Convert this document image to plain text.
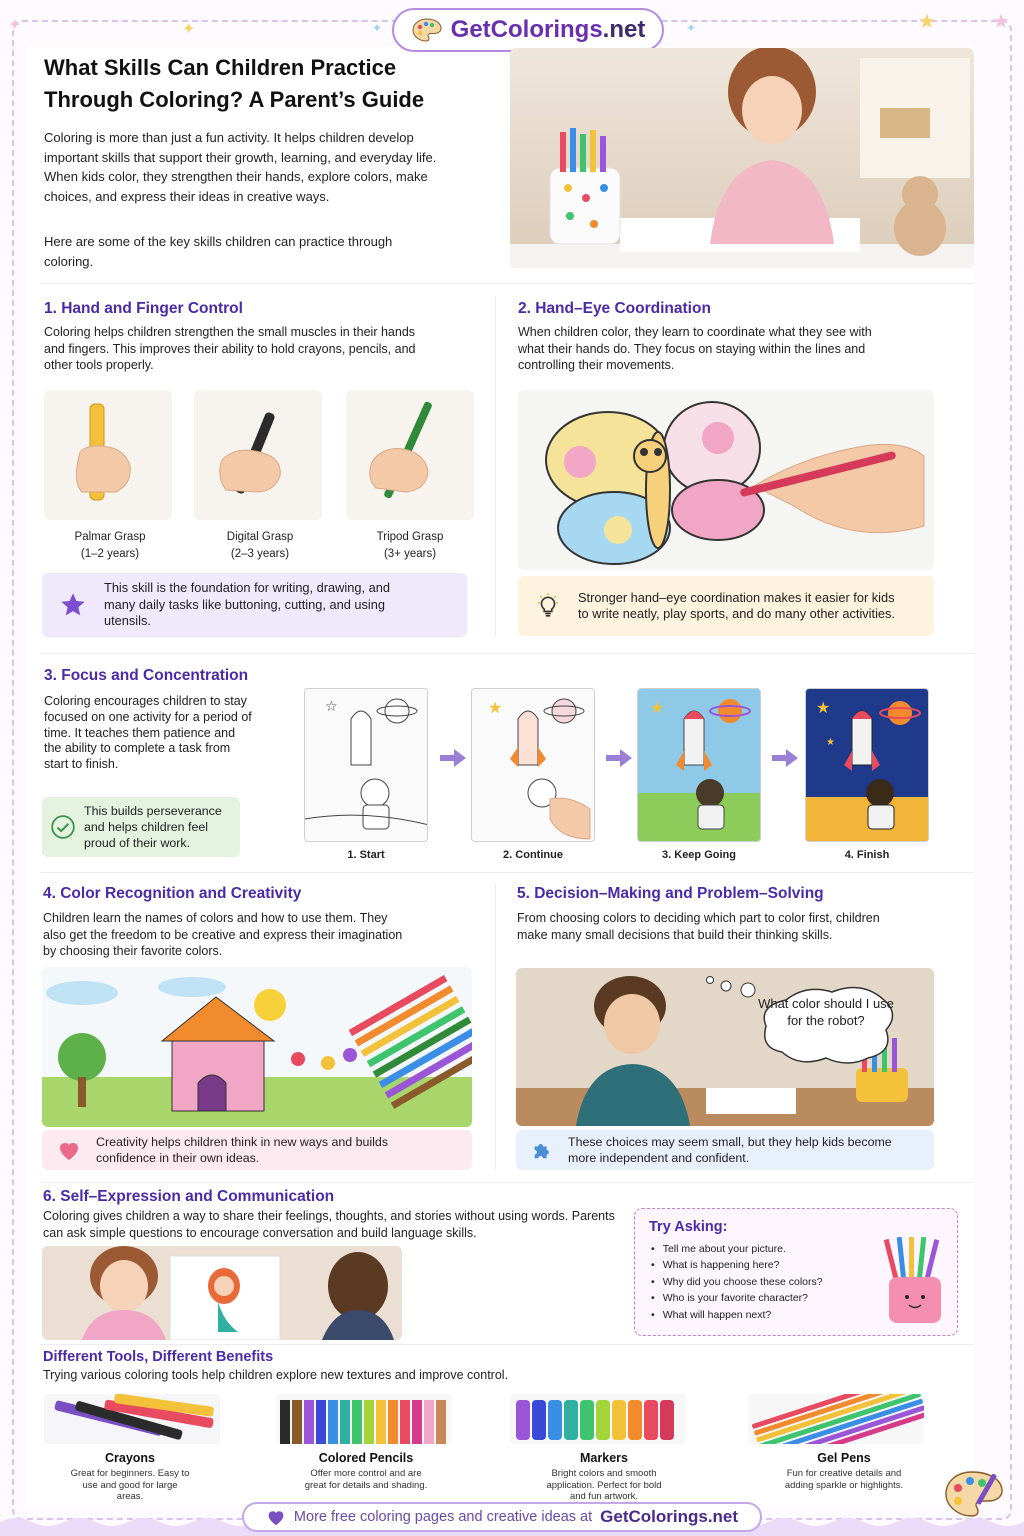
✦	✦	✦	★	★
✦
GetColorings.net
What Skills Can Children Practice Through Coloring? A Parent’s Guide

Coloring is more than just a fun activity. It helps children develop important skills that support their growth, learning, and everyday life. When kids color, they strengthen their hands, explore colors, make choices, and express their ideas in creative ways.

Here are some of the key skills children can practice through coloring.

1. Hand and Finger Control

Coloring helps children strengthen the small muscles in their hands and fingers. This improves their ability to hold crayons, pencils, and other tools properly.

Palmar Grasp
(1–2 years)
Digital Grasp
(2–3 years)
Tripod Grasp
(3+ years)

This skill is the foundation for writing, drawing, and many daily tasks like buttoning, cutting, and using utensils.

2. Hand–Eye Coordination

When children color, they learn to coordinate what they see with what their hands do. They focus on staying within the lines and controlling their movements.

Stronger hand–eye coordination makes it easier for kids to write neatly, play sports, and do many other activities.

3. Focus and Concentration

Coloring encourages children to stay focused on one activity for a period of time. It teaches them patience and the ability to complete a task from start to finish.

This builds perseverance and helps children feel proud of their work.

☆	★	★	★
★
1. Start	2. Continue	3. Keep Going	4. Finish
4. Color Recognition and Creativity

Children learn the names of colors and how to use them. They also get the freedom to be creative and express their imagination by choosing their favorite colors.

Creativity helps children think in new ways and builds confidence in their own ideas.

5. Decision–Making and Problem–Solving

From choosing colors to deciding which part to color first, children make many small decisions that build their thinking skills.

What color should I use for the robot?

These choices may seem small, but they help kids become more independent and confident.

6. Self–Expression and Communication

Coloring gives children a way to share their feelings, thoughts, and stories without using words. Parents can ask simple questions to encourage conversation and build language skills.	Try Asking:
• Tell me about your picture.
• What is happening here?
• Why did you choose these colors?
• Who is your favorite character?
• What will happen next?
Different Tools, Different Benefits

Trying various coloring tools help children explore new textures and improve control.

Crayons	Colored Pencils	Markers	Gel Pens
Great for beginners. Easy to use and good for large areas.
Offer more control and are great for details and shading.
Bright colors and smooth application. Perfect for bold and fun artwork.
Fun for creative details and adding sparkle or highlights.
More free coloring pages and creative ideas at GetColorings.net
